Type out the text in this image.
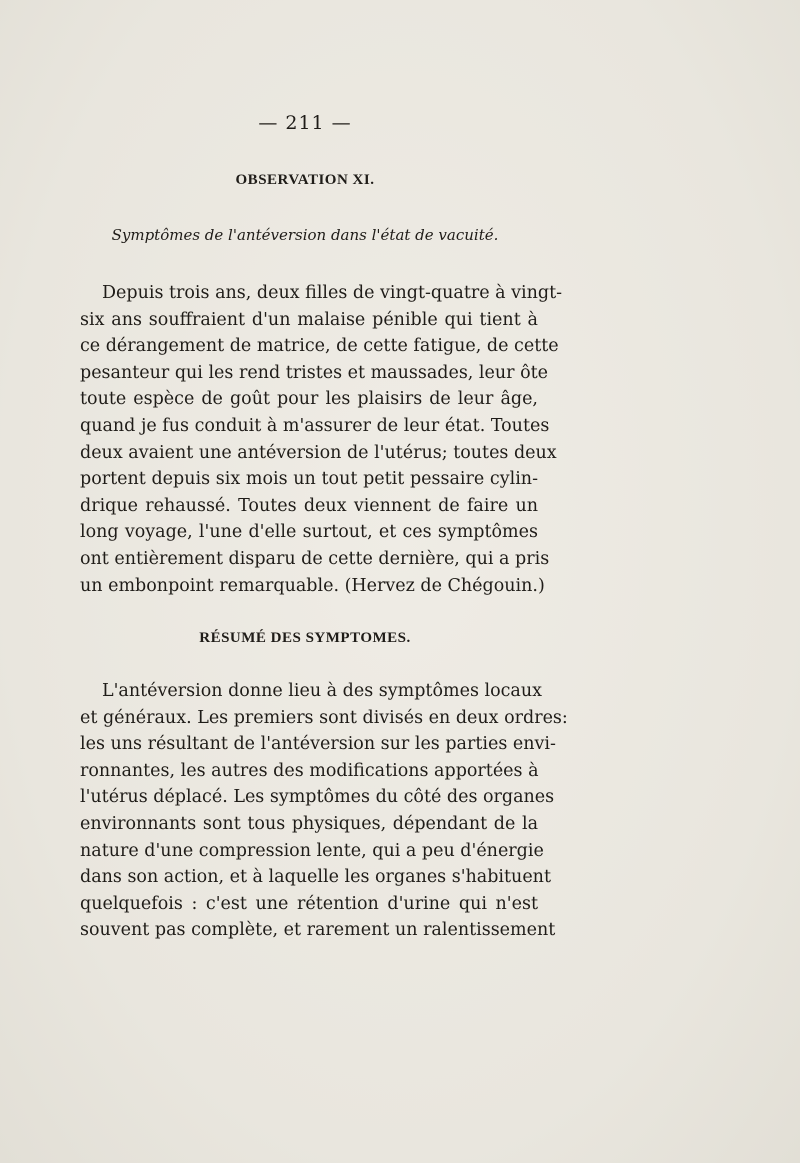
— 211 —
OBSERVATION XI.
Symptômes de l'antéversion dans l'état de vacuité.
Depuis trois ans, deux filles de vingt-quatre à vingt-
six ans souffraient d'un malaise pénible qui tient à
ce dérangement de matrice, de cette fatigue, de cette
pesanteur qui les rend tristes et maussades, leur ôte
toute espèce de goût pour les plaisirs de leur âge,
quand je fus conduit à m'assurer de leur état. Toutes
deux avaient une antéversion de l'utérus; toutes deux
portent depuis six mois un tout petit pessaire cylin-
drique rehaussé. Toutes deux viennent de faire un
long voyage, l'une d'elle surtout, et ces symptômes
ont entièrement disparu de cette dernière, qui a pris
un embonpoint remarquable. (Hervez de Chégouin.)
RÉSUMÉ DES SYMPTOMES.
L'antéversion donne lieu à des symptômes locaux
et généraux. Les premiers sont divisés en deux ordres:
les uns résultant de l'antéversion sur les parties envi-
ronnantes, les autres des modifications apportées à
l'utérus déplacé. Les symptômes du côté des organes
environnants sont tous physiques, dépendant de la
nature d'une compression lente, qui a peu d'énergie
dans son action, et à laquelle les organes s'habituent
quelquefois : c'est une rétention d'urine qui n'est
souvent pas complète, et rarement un ralentissement
